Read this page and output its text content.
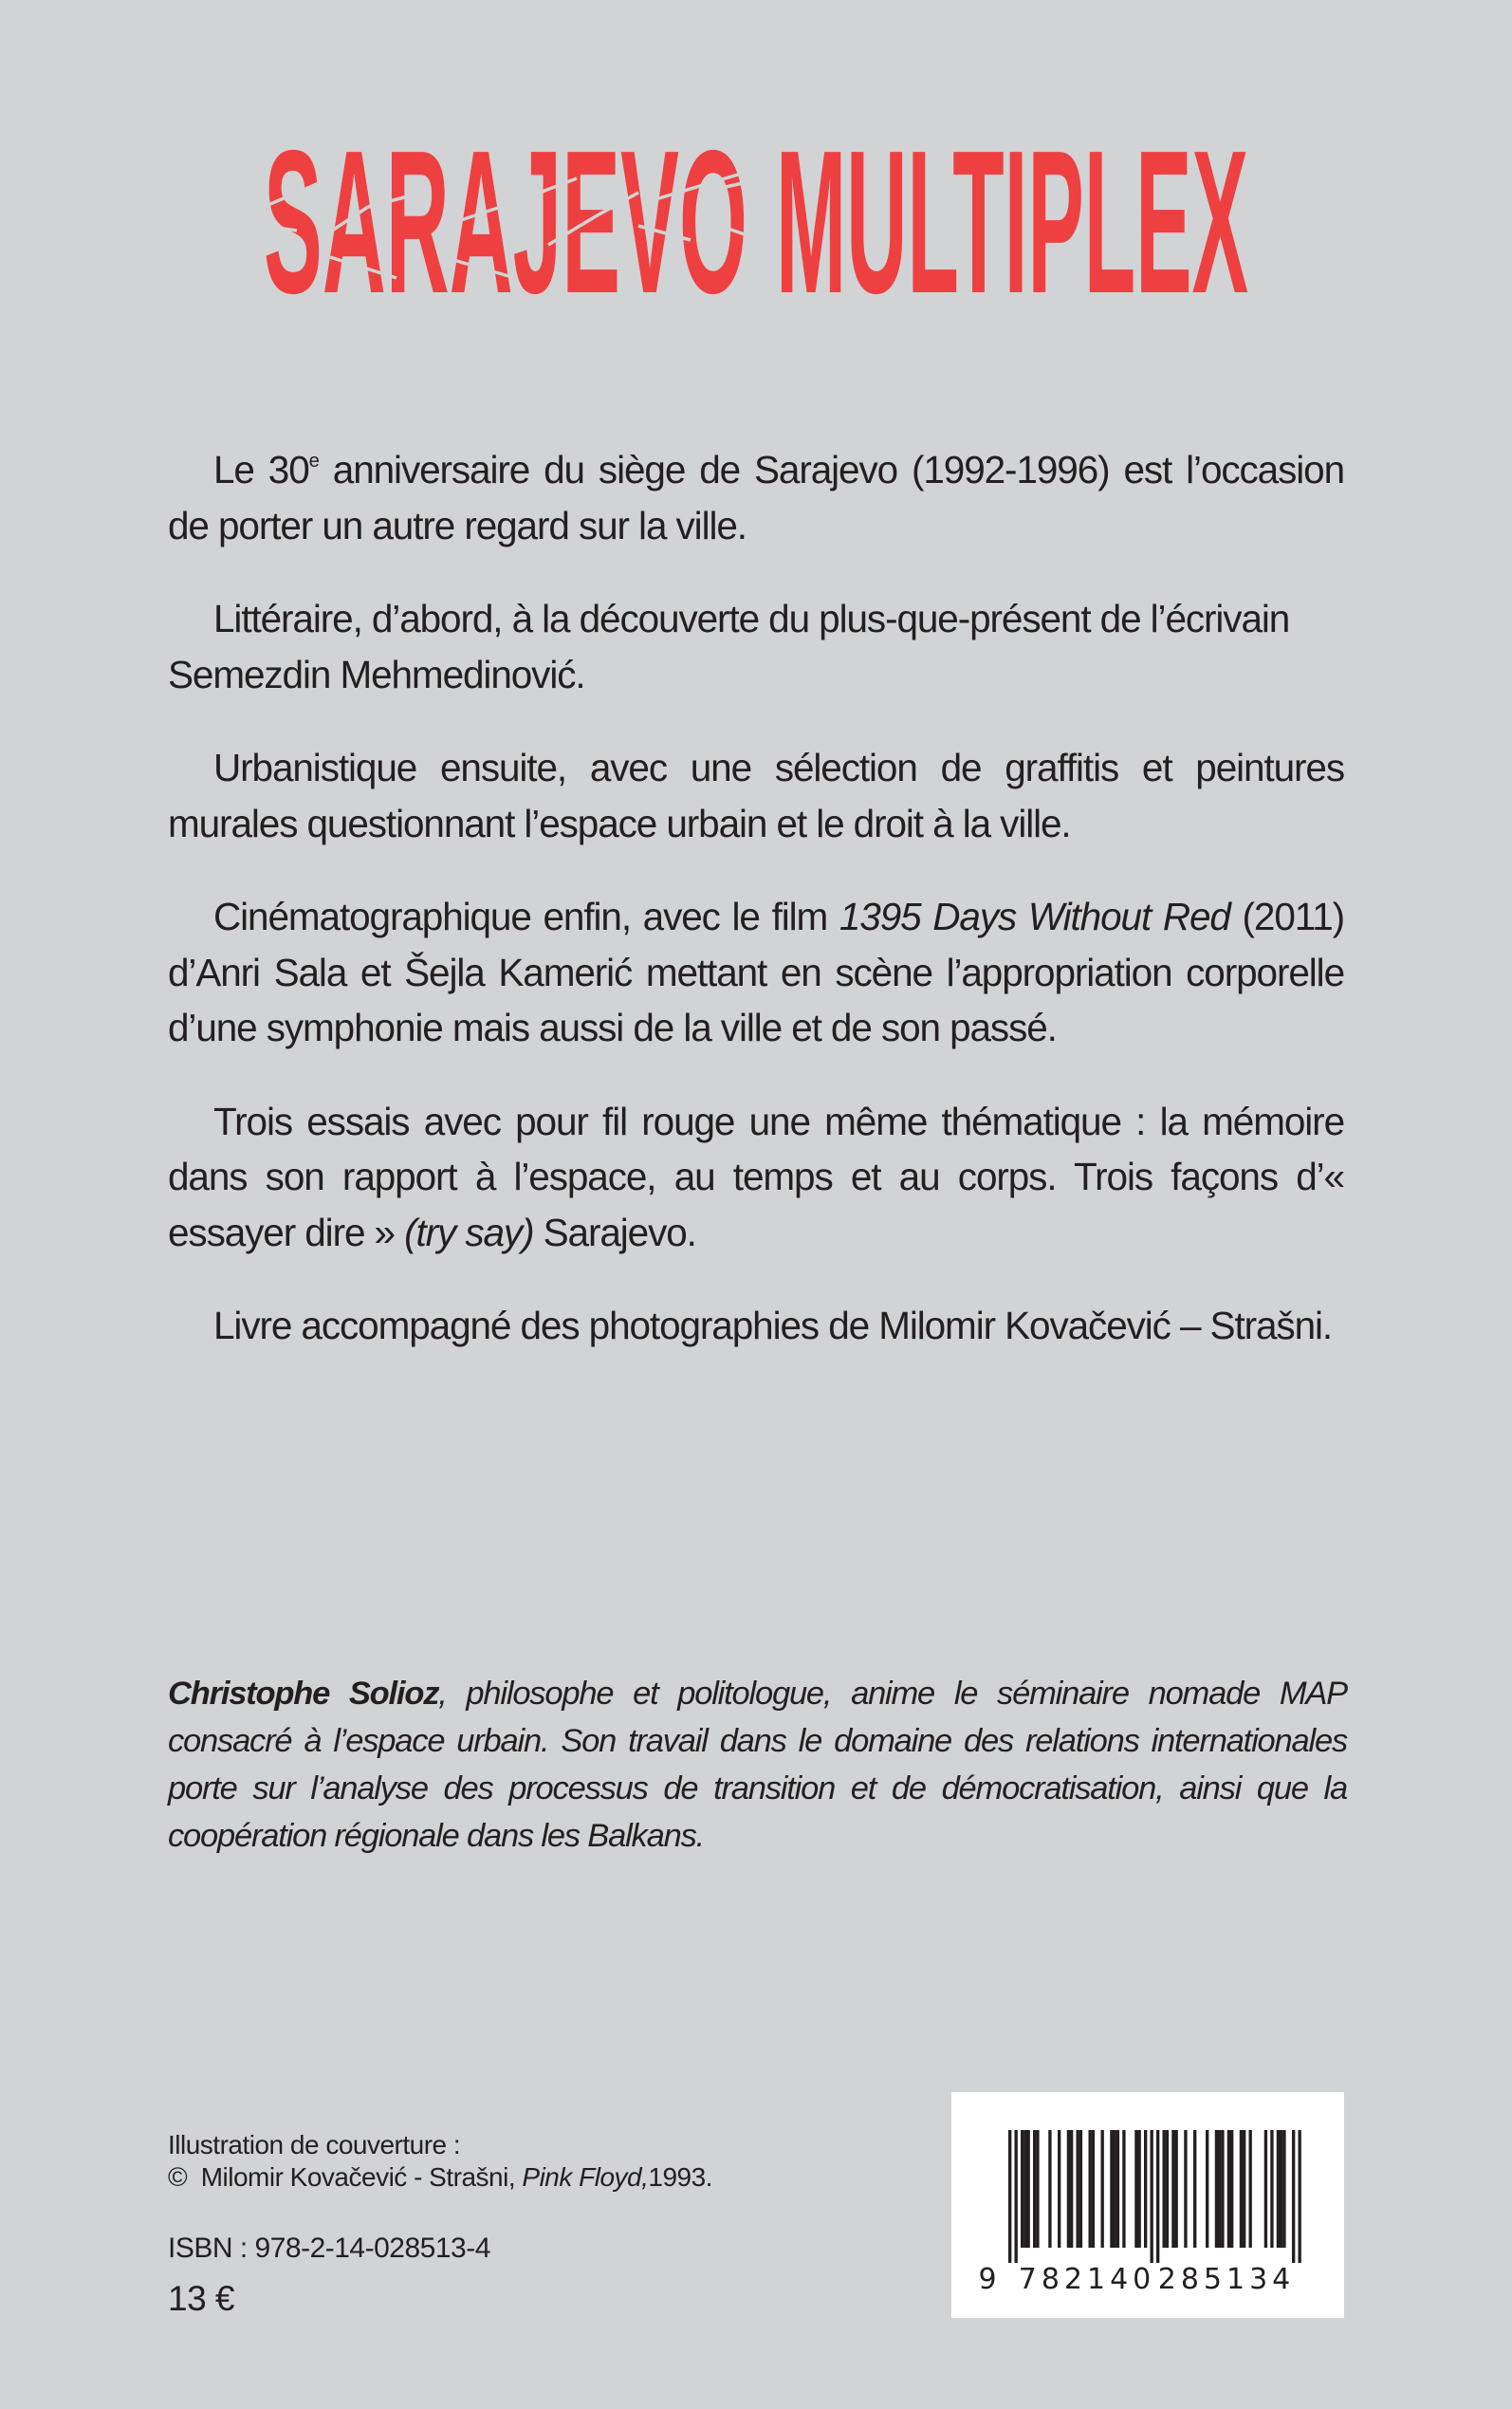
SARAJEVO MULTIPLEX

Le 30e anniversaire du siège de Sarajevo (1992-1996) est l’occasion de porter un autre regard sur la ville.

Littéraire, d’abord, à la découverte du plus-que-présent de l’écrivain Semezdin Mehmedinović.

Urbanistique ensuite, avec une sélection de graffitis et peintures murales questionnant l’espace urbain et le droit à la ville.

Cinématographique enfin, avec le film 1395 Days Without Red (2011) d’Anri Sala et Šejla Kamerić mettant en scène l’appropriation corporelle d’une symphonie mais aussi de la ville et de son passé.

Trois essais avec pour fil rouge une même thématique : la mémoire dans son rapport à l’espace, au temps et au corps. Trois façons d’« essayer dire » (try say) Sarajevo.

Livre accompagné des photographies de Milomir Kovačević – Strašni.

Christophe Solioz, philosophe et politologue, anime le séminaire nomade MAP consacré à l’espace urbain. Son travail dans le domaine des relations internationales porte sur l’analyse des processus de transition et de démocratisation, ainsi que la coopération régionale dans les Balkans.

Illustration de couverture :
©  Milomir Kovačević - Strašni, Pink Floyd,1993.
ISBN : 978-2-14-028513-4
13 €	9 782140 285134
